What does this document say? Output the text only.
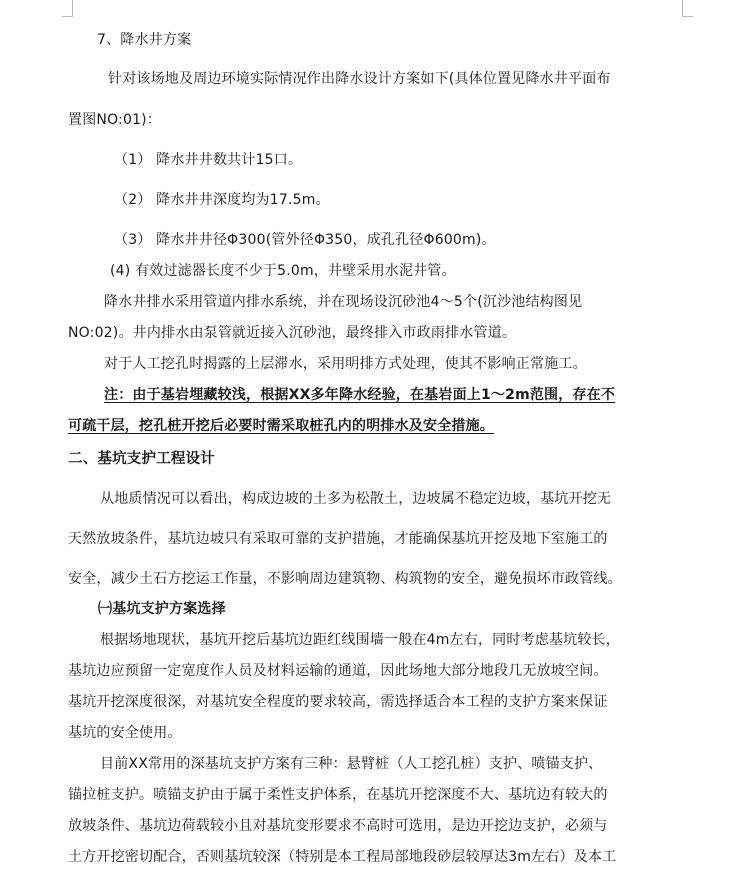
7、降水井方案
针对该场地及周边环境实际情况作出降水设计方案如下(具体位置见降水井平面布
置图NO:01)：
（1） 降水井井数共计15口。
（2） 降水井井深度均为17.5m。
（3） 降水井井径Φ300(管外径Φ350，成孔孔径Φ600m)。
(4) 有效过滤器长度不少于5.0m，井壁采用水泥井管。
降水井排水采用管道内排水系统，并在现场设沉砂池4～5个(沉沙池结构图见
NO:02)。井内排水由泵管就近接入沉砂池，最终排入市政雨排水管道。
对于人工挖孔时揭露的上层滞水，采用明排方式处理，使其不影响正常施工。
注：由于基岩埋藏较浅，根据XX多年降水经验，在基岩面上1～2m范围，存在不
可疏干层，挖孔桩开挖后必要时需采取桩孔内的明排水及安全措施。
二、基坑支护工程设计
从地质情况可以看出，构成边坡的土多为松散土，边坡属不稳定边坡，基坑开挖无
天然放坡条件，基坑边坡只有采取可靠的支护措施，才能确保基坑开挖及地下室施工的
安全，减少土石方挖运工作量，不影响周边建筑物、构筑物的安全，避免损坏市政管线。
㈠基坑支护方案选择
根据场地现状，基坑开挖后基坑边距红线围墙一般在4m左右，同时考虑基坑较长，
基坑边应预留一定宽度作人员及材料运输的通道，因此场地大部分地段几无放坡空间。
基坑开挖深度很深，对基坑安全程度的要求较高，需选择适合本工程的支护方案来保证
基坑的安全使用。
目前XX常用的深基坑支护方案有三种：悬臂桩（人工挖孔桩）支护、喷锚支护、
锚拉桩支护。喷锚支护由于属于柔性支护体系，在基坑开挖深度不大、基坑边有较大的
放坡条件、基坑边荷载较小且对基坑变形要求不高时可选用，是边开挖边支护，必须与
土方开挖密切配合，否则基坑较深（特别是本工程局部地段砂层较厚达3m左右）及本工
